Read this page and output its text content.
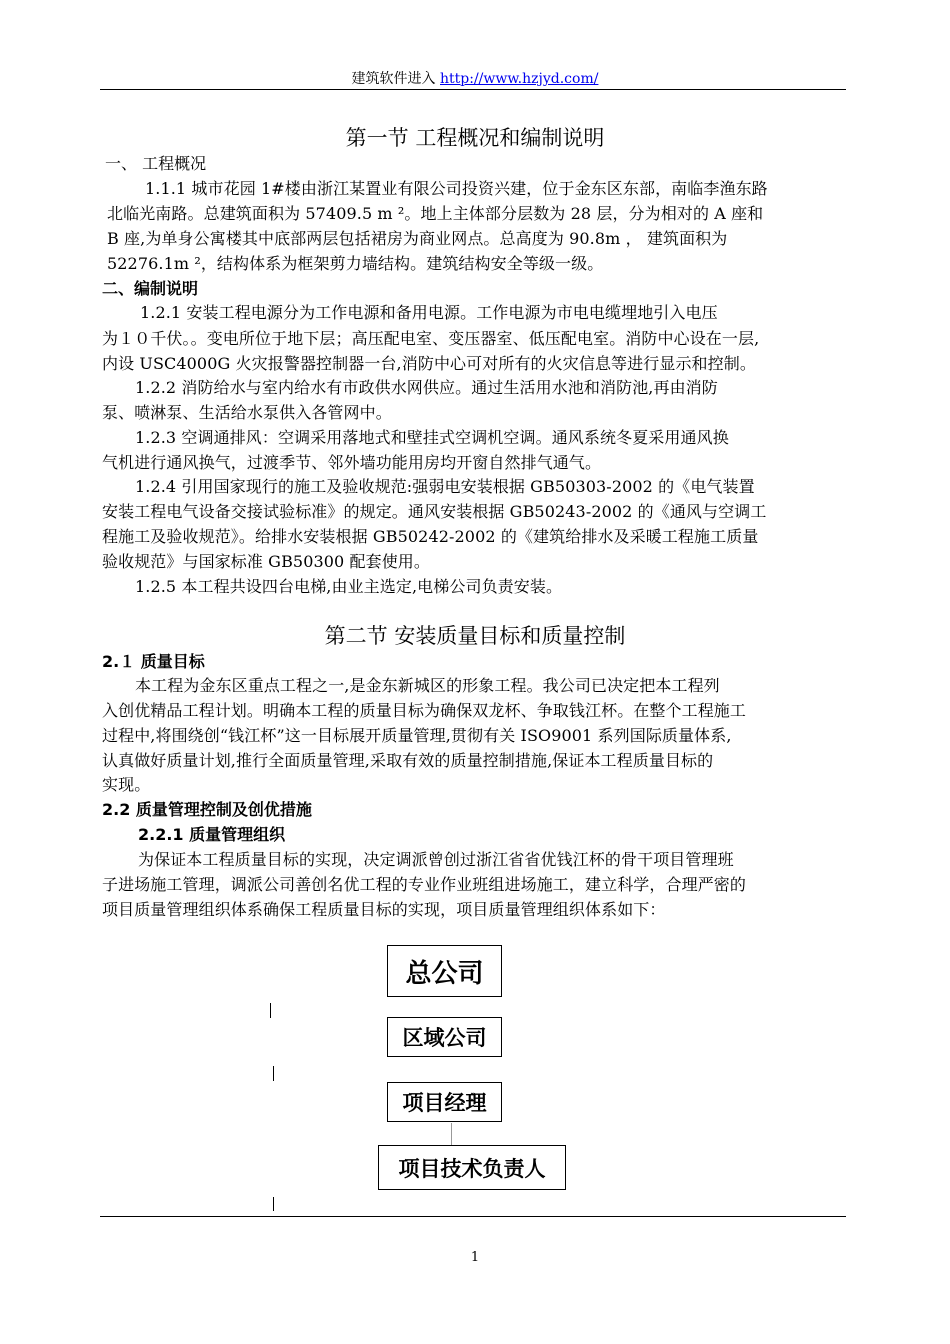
建筑软件进入 http://www.hzjyd.com/
第一节 工程概况和编制说明
一、 工程概况
1.1.1 城市花园 1#楼由浙江某置业有限公司投资兴建，位于金东区东部，南临李渔东路
北临光南路。总建筑面积为 57409.5 m ²。地上主体部分层数为 28 层，分为相对的 A 座和
B 座,为单身公寓楼其中底部两层包括裙房为商业网点。总高度为 90.8m ， 建筑面积为
52276.1m ²，结构体系为框架剪力墙结构。建筑结构安全等级一级。
二、编制说明
1.2.1 安装工程电源分为工作电源和备用电源。工作电源为市电电缆埋地引入电压
为１０千伏。。变电所位于地下层；高压配电室、变压器室、低压配电室。消防中心设在一层,
内设 USC4000G 火灾报警器控制器一台,消防中心可对所有的火灾信息等进行显示和控制。
1.2.2 消防给水与室内给水有市政供水网供应。通过生活用水池和消防池,再由消防
泵、喷淋泵、生活给水泵供入各管网中。
1.2.3 空调通排风：空调采用落地式和壁挂式空调机空调。通风系统冬夏采用通风换
气机进行通风换气，过渡季节、邻外墙功能用房均开窗自然排气通气。
1.2.4 引用国家现行的施工及验收规范:强弱电安装根据 GB50303-2002 的《电气装置
安装工程电气设备交接试验标准》的规定。通风安装根据 GB50243-2002 的《通风与空调工
程施工及验收规范》。给排水安装根据 GB50242-2002 的《建筑给排水及采暖工程施工质量
验收规范》与国家标准 GB50300 配套使用。
1.2.5 本工程共设四台电梯,由业主选定,电梯公司负责安装。
第二节 安装质量目标和质量控制
2.１ 质量目标
本工程为金东区重点工程之一,是金东新城区的形象工程。我公司已决定把本工程列
入创优精品工程计划。明确本工程的质量目标为确保双龙杯、争取钱江杯。在整个工程施工
过程中,将围绕创“钱江杯”这一目标展开质量管理,贯彻有关 ISO9001 系列国际质量体系,
认真做好质量计划,推行全面质量管理,采取有效的质量控制措施,保证本工程质量目标的
实现。
2.2 质量管理控制及创优措施
2.2.1 质量管理组织
为保证本工程质量目标的实现，决定调派曾创过浙江省省优钱江杯的骨干项目管理班
子进场施工管理，调派公司善创名优工程的专业作业班组进场施工，建立科学，合理严密的
项目质量管理组织体系确保工程质量目标的实现，项目质量管理组织体系如下：
总公司
区域公司
项目经理
项目技术负责人
1
